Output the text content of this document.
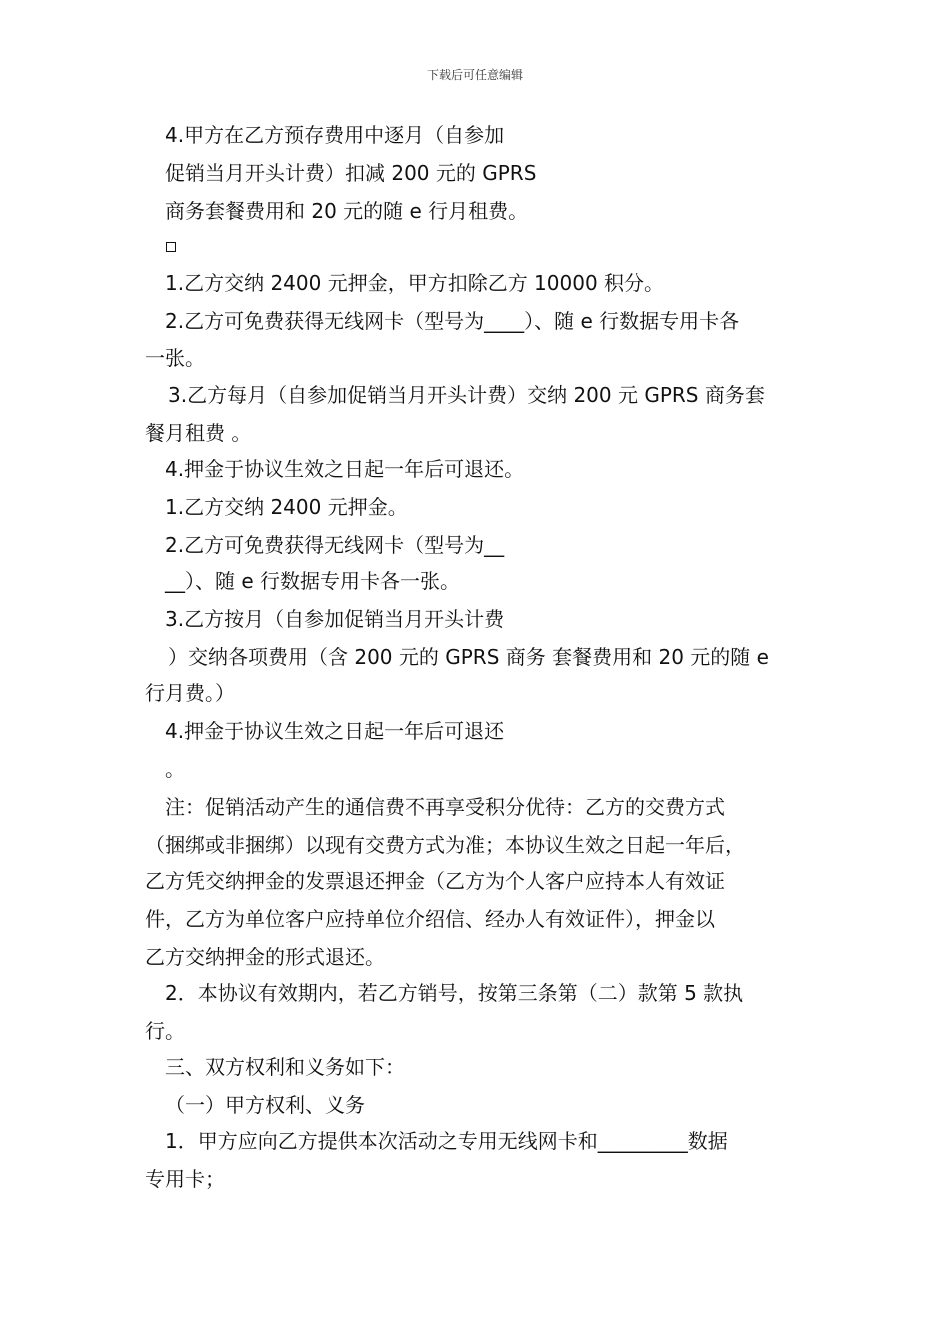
下载后可任意编辑
4.甲方在乙方预存费用中逐月（自参加
促销当月开头计费）扣减 200 元的 GPRS
商务套餐费用和 20 元的随 e 行月租费。
1.乙方交纳 2400 元押金，甲方扣除乙方 10000 积分。
2.乙方可免费获得无线网卡（型号为____）、随 e 行数据专用卡各
一张。
3.乙方每月（自参加促销当月开头计费）交纳 200 元 GPRS 商务套
餐月租费 。
4.押金于协议生效之日起一年后可退还。
1.乙方交纳 2400 元押金。
2.乙方可免费获得无线网卡（型号为__
__）、随 e 行数据专用卡各一张。
3.乙方按月（自参加促销当月开头计费
）交纳各项费用（含 200 元的 GPRS 商务 套餐费用和 20 元的随 e
行月费。）
4.押金于协议生效之日起一年后可退还
。
注：促销活动产生的通信费不再享受积分优待：乙方的交费方式
（捆绑或非捆绑）以现有交费方式为准；本协议生效之日起一年后，
乙方凭交纳押金的发票退还押金（乙方为个人客户应持本人有效证
件，乙方为单位客户应持单位介绍信、经办人有效证件），押金以
乙方交纳押金的形式退还。
2．本协议有效期内，若乙方销号，按第三条第（二）款第 5 款执
行。
三、双方权利和义务如下：
（一）甲方权利、义务
1．甲方应向乙方提供本次活动之专用无线网卡和_________数据
专用卡；
